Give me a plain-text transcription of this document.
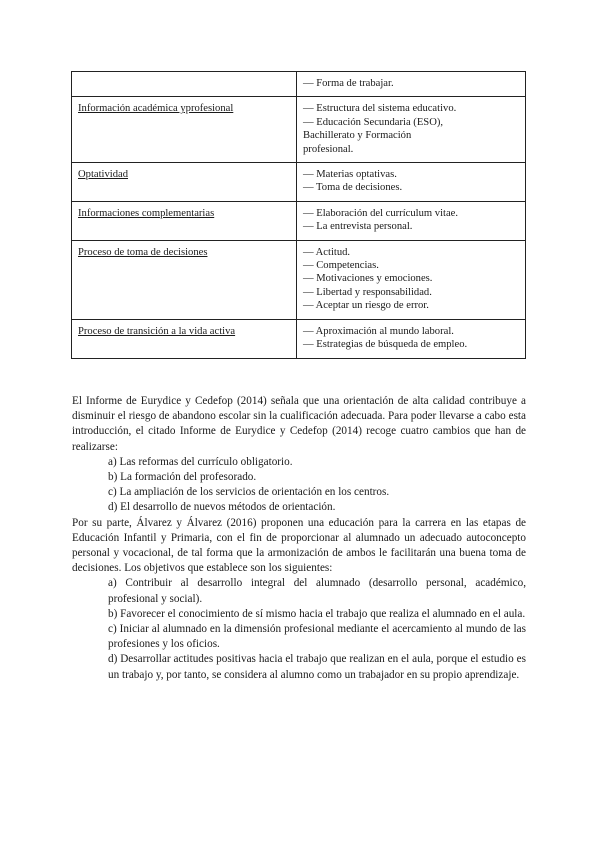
	— Forma de trabajar.

Información académica yprofesional	— Estructura del sistema educativo.
— Educación Secundaria (ESO),
Bachillerato y Formación
profesional.

Optatividad	— Materias optativas.
— Toma de decisiones.

Informaciones complementarias	— Elaboración del currículum vitae.
— La entrevista personal.

Proceso de toma de decisiones	— Actitud.
— Competencias.
— Motivaciones y emociones.
— Libertad y responsabilidad.
— Aceptar un riesgo de error.

Proceso de transición a la vida activa	— Aproximación al mundo laboral.
— Estrategias de búsqueda de empleo.

El Informe de Eurydice y Cedefop (2014) señala que una orientación de alta calidad contribuye a disminuir el riesgo de abandono escolar sin la cualificación adecuada. Para poder llevarse a cabo esta introducción, el citado Informe de Eurydice y Cedefop (2014) recoge cuatro cambios que han de realizarse:

a) Las reformas del currículo obligatorio.
b) La formación del profesorado.
c) La ampliación de los servicios de orientación en los centros.
d) El desarrollo de nuevos métodos de orientación.

Por su parte, Álvarez y Álvarez (2016) proponen una educación para la carrera en las etapas de Educación Infantil y Primaria, con el fin de proporcionar al alumnado un adecuado autoconcepto personal y vocacional, de tal forma que la armonización de ambos le facilitarán una buena toma de decisiones. Los objetivos que establece son los siguientes:

a) Contribuir al desarrollo integral del alumnado (desarrollo personal, académico, profesional y social).
b) Favorecer el conocimiento de sí mismo hacia el trabajo que realiza el alumnado en el aula.
c) Iniciar al alumnado en la dimensión profesional mediante el acercamiento al mundo de las profesiones y los oficios.
d) Desarrollar actitudes positivas hacia el trabajo que realizan en el aula, porque el estudio es un trabajo y, por tanto, se considera al alumno como un trabajador en su propio aprendizaje.
